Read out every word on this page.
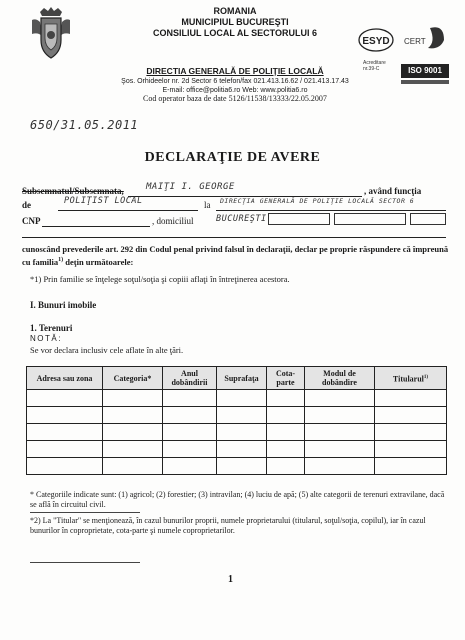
ROMANIA
MUNICIPIUL BUCUREŞTI
CONSILIUL LOCAL AL SECTORULUI 6
ESYD CERT
DIRECTIA GENERALĂ DE POLIŢIE LOCALĂ
Şos. Orhideelor nr. 2d Sector 6 telefon/fax 021.413.16.62 / 021.413.17.43
E-mail: office@politia6.ro Web: www.politia6.ro
Cod operator baza de date 5126/11538/13333/22.05.2007
Acreditare nr.39-C	ISO 9001
650/31.05.2011
DECLARAŢIE DE AVERE
Subsemnatul/Subsemnata, MAIŢI I. GEORGE	, având funcţia
de	POLIŢIST LOCAL	la DIRECŢIA GENERALĂ DE POLIŢIE LOCALĂ SECTOR 6
CNP	, domiciliul	BUCUREŞTI
cunoscând prevederile art. 292 din Codul penal privind falsul în declaraţii, declar pe proprie răspundere că împreună cu familia$^{1)}$ deţin următoarele:
*1) Prin familie se înţelege soţul/soţia şi copiii aflaţi în întreţinerea acestora.
I. Bunuri imobile
1. Terenuri
NOTĂ:
Se vor declara inclusiv cele aflate în alte ţări.
Adresa sau zona	Categoria*	Anul dobândirii	Suprafaţa	Cota-parte	Modul de dobândire	Titularul$^{1)}$

* Categoriile indicate sunt: (1) agricol; (2) forestier; (3) intravilan; (4) luciu de apă; (5) alte categorii de terenuri extravilane, dacă se află în circuitul civil.
*2) La "Titular" se menţionează, în cazul bunurilor proprii, numele proprietarului (titularul, soţul/soţia, copilul), iar în cazul bunurilor în coproprietate, cota-parte şi numele coproprietarilor.
1
